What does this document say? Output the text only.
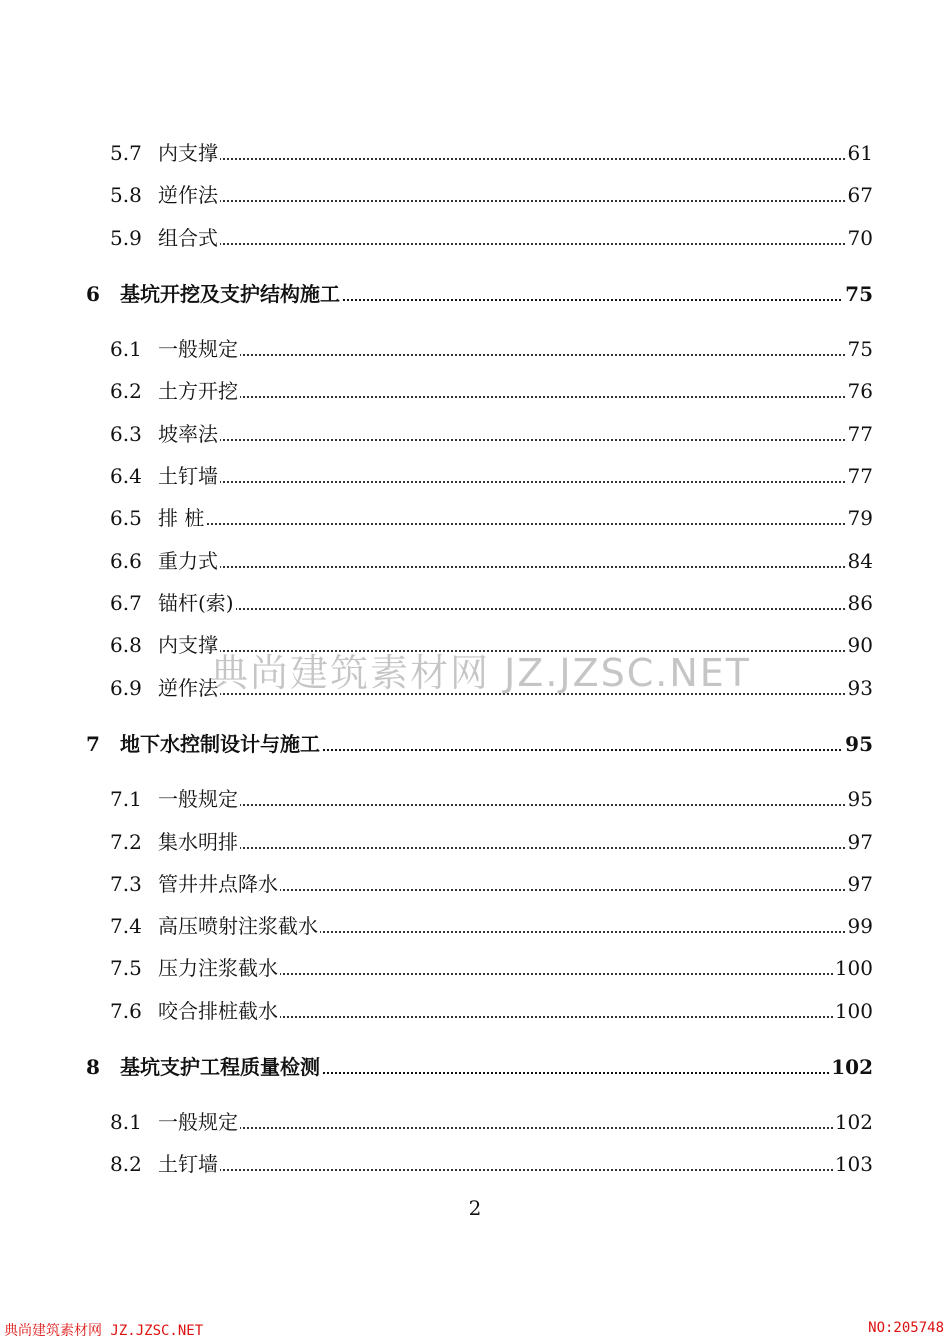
5.7 内支撑	61
5.8 逆作法	67
5.9 组合式	70
6	基坑开挖及支护结构施工	75
6.1 一般规定	75
6.2 土方开挖	76
6.3 坡率法	77
6.4 土钉墙	77
6.5 排 桩	79
6.6 重力式	84
6.7 锚杆(索)	86
6.8 内支撑	90
6.9 逆作法	93
7	地下水控制设计与施工	95
7.1 一般规定	95
7.2 集水明排	97
7.3 管井井点降水	97
7.4 高压喷射注浆截水	99
7.5 压力注浆截水	100
7.6 咬合排桩截水	100
8	基坑支护工程质量检测	102
8.1 一般规定	102
8.2 土钉墙	103
2
典尚建筑素材网 JZ.JZSC.NET
典尚建筑素材网 JZ.JZSC.NET	NO:205748
